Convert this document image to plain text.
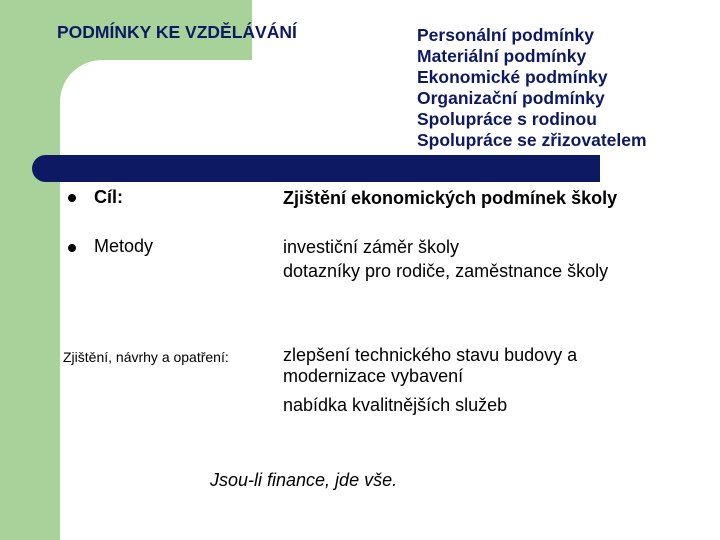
PODMÍNKY KE VZDĚLÁVÁNÍ	Personální podmínky
Materiální podmínky
Ekonomické podmínky
Organizační podmínky
Spolupráce s rodinou
Spolupráce se zřizovatelem
Cíl:	Zjištění ekonomických podmínek školy
Metody	investiční záměr školy
dotazníky pro rodiče, zaměstnance školy
Zjištění, návrhy a opatření:	zlepšení technického stavu budovy a
modernizace vybavení
nabídka kvalitnějších služeb
Jsou-li finance, jde vše.
